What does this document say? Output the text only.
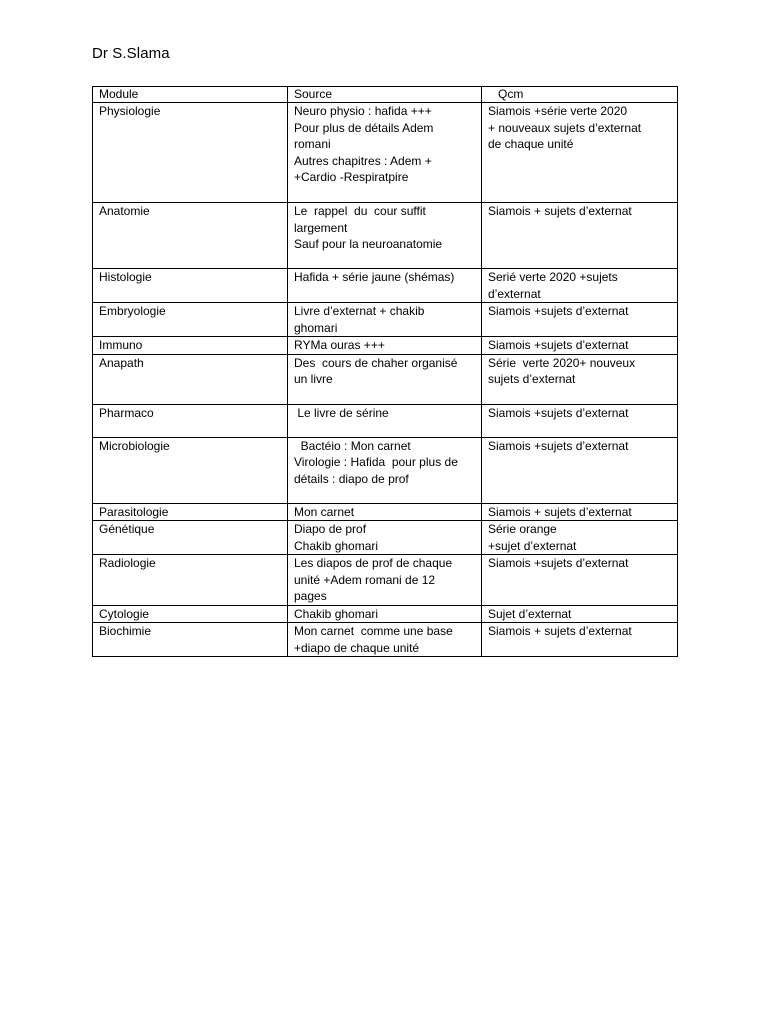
Dr S.Slama
Module	Source	Qcm
Physiologie	Neuro physio : hafida +++
Pour plus de détails Adem
romani
Autres chapitres : Adem +
+Cardio -Respiratpire	Siamois +série verte 2020
+ nouveaux sujets d’externat
de chaque unité

Anatomie	Le  rappel  du  cour suffit
largement
Sauf pour la neuroanatomie	Siamois + sujets d’externat

Histologie	Hafida + série jaune (shémas)	Serié verte 2020 +sujets
d’externat

Embryologie	Livre d’externat + chakib
ghomari	Siamois +sujets d’externat

Immuno	RYMa ouras +++	Siamois +sujets d’externat

Anapath	Des  cours de chaher organisé
un livre	Série  verte 2020+ nouveux
sujets d’externat

Pharmaco	Le livre de sérine	Siamois +sujets d’externat

Microbiologie	Bactéio : Mon carnet
Virologie : Hafida  pour plus de
détails : diapo de prof	Siamois +sujets d’externat

Parasitologie	Mon carnet	Siamois + sujets d’externat

Génétique	Diapo de prof
Chakib ghomari	Série orange
+sujet d’externat

Radiologie	Les diapos de prof de chaque
unité +Adem romani de 12
pages	Siamois +sujets d’externat

Cytologie	Chakib ghomari	Sujet d’externat

Biochimie	Mon carnet  comme une base
+diapo de chaque unité	Siamois + sujets d’externat
